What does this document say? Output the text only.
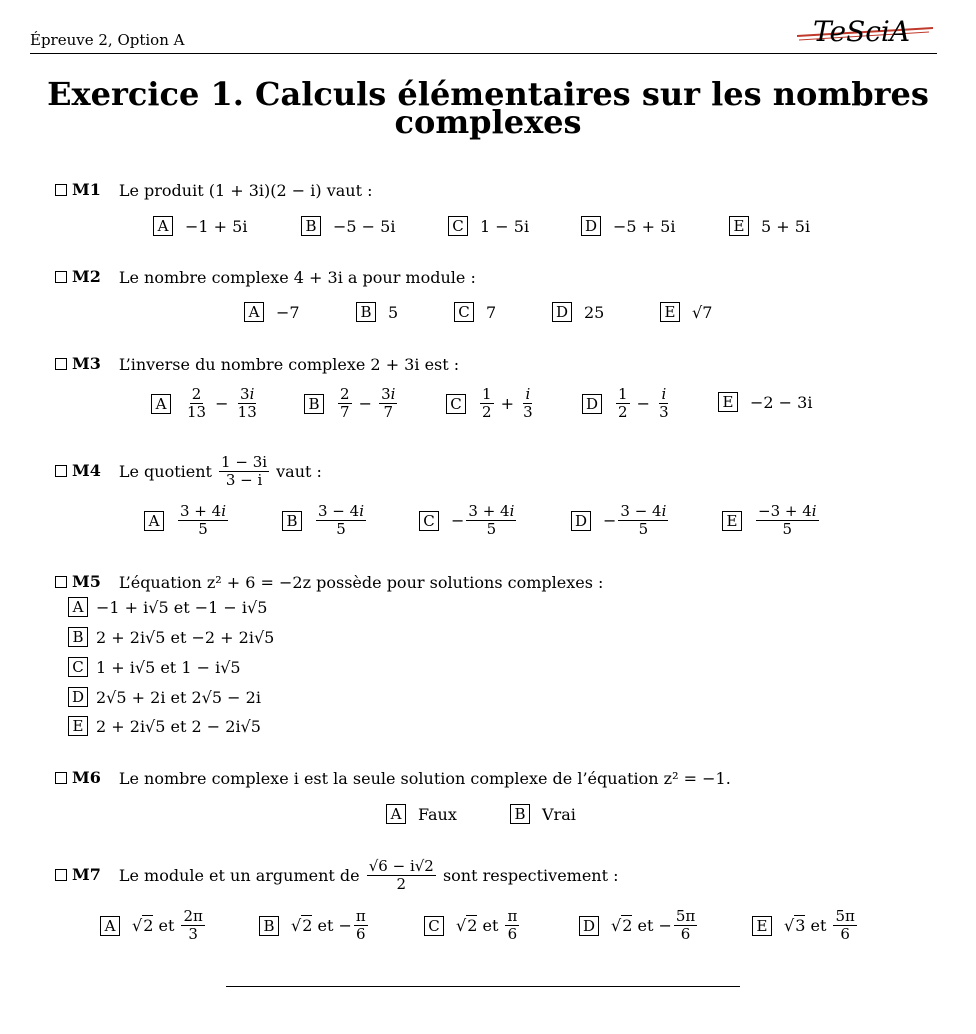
Épreuve 2, Option A	TeSciA
Exercice 1. Calculs élémentaires sur les nombres
complexes
M1 Le produit (1 + 3i)(2 − i) vaut :
A −1 + 5i	B −5 − 5i	C 1 − 5i	D −5 + 5i	E 5 + 5i
M2 Le nombre complexe 4 + 3i a pour module :
A −7	B 5	C 7	D 25	E √7
M3 L’inverse du nombre complexe 2 + 3i est :
A
2
$13 - \frac{3i}{13}$	B
2
$7 - \frac{3i}{7}$	C
1
$2 + \frac{i}{3}$	D
1
$2 - \frac{i}{3}$	E −2 − 3i
M4 Le quotient $\frac{1 - 3i}{3 - i}$ vaut :
A
3 + 4i
5	B
3 − 4i
5	$C - \frac{3 + 4i}{5}$	$D - \frac{3 - 4i}{5}$	E
−3 + 4i
5
M5 L’équation z² + 6 = −2z possède pour solutions complexes :
A −1 + i√5 et −1 − i√5
B 2 + 2i√5 et −2 + 2i√5
C 1 + i√5 et 1 − i√5
D 2√5 + 2i et 2√5 − 2i
E 2 + 2i√5 et 2 − 2i√5
M6 Le nombre complexe i est la seule solution complexe de l’équation z² = −1.
A Faux	B Vrai
M7 Le module et un argument de $\frac{√6 - i√2}{2}$ sont respectivement :
A √2 et 2π
3	B √2 et − $\frac{\pi}{6}$	C √2 et π
6	D √2 et − $\frac{5\pi}{6}$	E √3 et 5π
6
